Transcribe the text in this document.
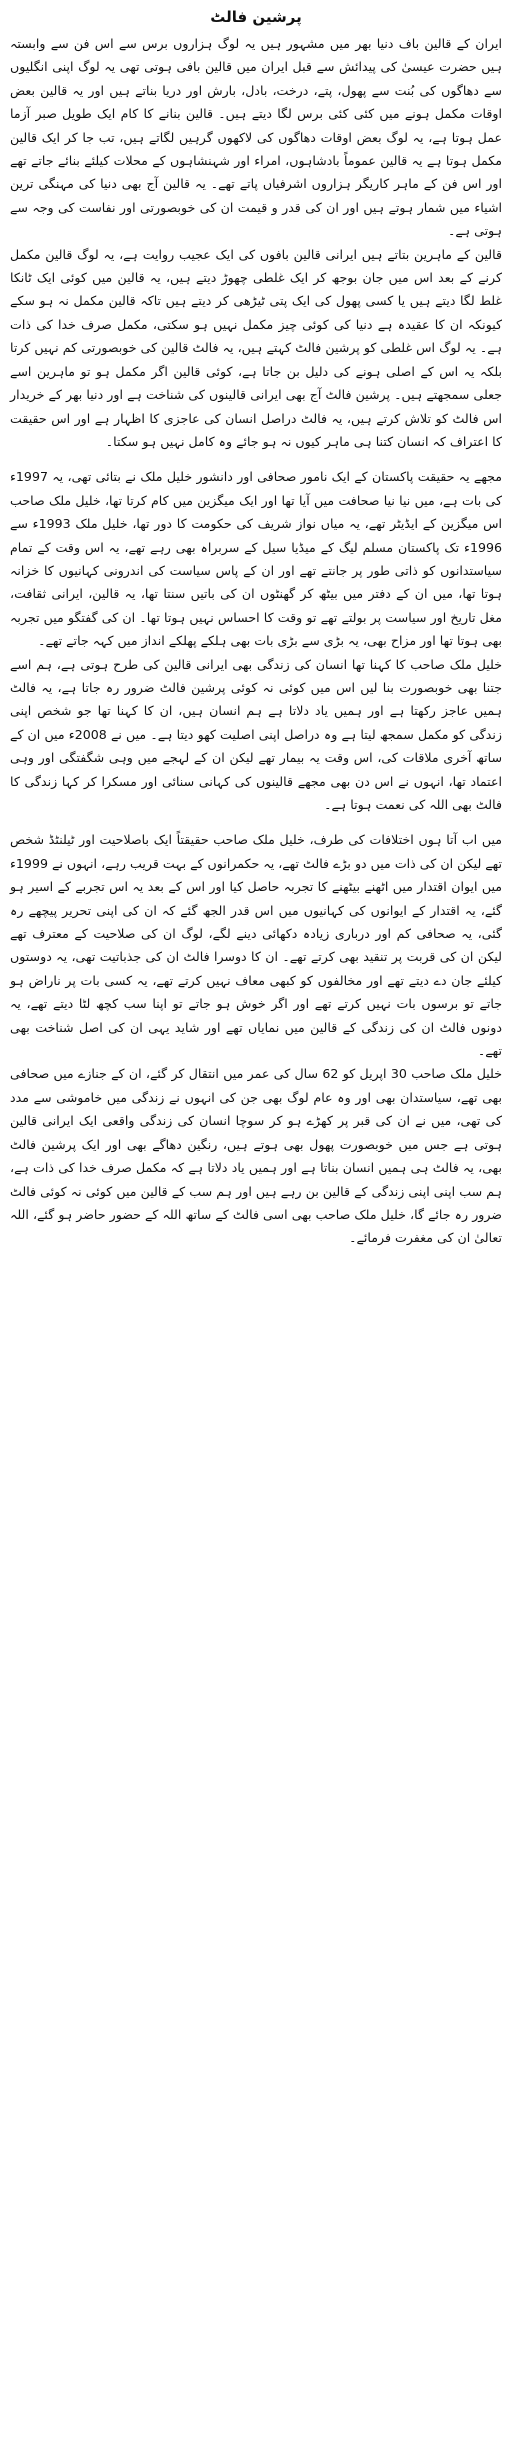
پرشین فالٹ

ایران کے قالین باف دنیا بھر میں مشہور ہیں یہ لوگ ہزاروں برس سے اس فن سے وابستہ ہیں حضرت عیسیٰ کی پیدائش سے قبل ایران میں قالین بافی ہوتی تھی یہ لوگ اپنی انگلیوں سے دھاگوں کی بُنت سے پھول، پتے، درخت، بادل، بارش اور دریا بناتے ہیں اور یہ قالین بعض اوقات مکمل ہونے میں کئی کئی برس لگا دیتے ہیں۔ قالین بنانے کا کام ایک طویل صبر آزما عمل ہوتا ہے، یہ لوگ بعض اوقات دھاگوں کی لاکھوں گرہیں لگاتے ہیں، تب جا کر ایک قالین مکمل ہوتا ہے یہ قالین عموماً بادشاہوں، امراء اور شہنشاہوں کے محلات کیلئے بنائے جاتے تھے اور اس فن کے ماہر کاریگر ہزاروں اشرفیاں پاتے تھے۔ یہ قالین آج بھی دنیا کی مہنگی ترین اشیاء میں شمار ہوتے ہیں اور ان کی قدر و قیمت ان کی خوبصورتی اور نفاست کی وجہ سے ہوتی ہے۔

قالین کے ماہرین بتاتے ہیں ایرانی قالین بافوں کی ایک عجیب روایت ہے، یہ لوگ قالین مکمل کرنے کے بعد اس میں جان بوجھ کر ایک غلطی چھوڑ دیتے ہیں، یہ قالین میں کوئی ایک ٹانکا غلط لگا دیتے ہیں یا کسی پھول کی ایک پتی ٹیڑھی کر دیتے ہیں تاکہ قالین مکمل نہ ہو سکے کیونکہ ان کا عقیدہ ہے دنیا کی کوئی چیز مکمل نہیں ہو سکتی، مکمل صرف خدا کی ذات ہے۔ یہ لوگ اس غلطی کو پرشین فالٹ کہتے ہیں، یہ فالٹ قالین کی خوبصورتی کم نہیں کرتا بلکہ یہ اس کے اصلی ہونے کی دلیل بن جاتا ہے، کوئی قالین اگر مکمل ہو تو ماہرین اسے جعلی سمجھتے ہیں۔ پرشین فالٹ آج بھی ایرانی قالینوں کی شناخت ہے اور دنیا بھر کے خریدار اس فالٹ کو تلاش کرتے ہیں، یہ فالٹ دراصل انسان کی عاجزی کا اظہار ہے اور اس حقیقت کا اعتراف کہ انسان کتنا ہی ماہر کیوں نہ ہو جائے وہ کامل نہیں ہو سکتا۔

مجھے یہ حقیقت پاکستان کے ایک نامور صحافی اور دانشور خلیل ملک نے بتائی تھی، یہ 1997ء کی بات ہے، میں نیا نیا صحافت میں آیا تھا اور ایک میگزین میں کام کرتا تھا، خلیل ملک صاحب اس میگزین کے ایڈیٹر تھے، یہ میاں نواز شریف کی حکومت کا دور تھا، خلیل ملک 1993ء سے 1996ء تک پاکستان مسلم لیگ کے میڈیا سیل کے سربراہ بھی رہے تھے، یہ اس وقت کے تمام سیاستدانوں کو ذاتی طور پر جانتے تھے اور ان کے پاس سیاست کی اندرونی کہانیوں کا خزانہ ہوتا تھا، میں ان کے دفتر میں بیٹھ کر گھنٹوں ان کی باتیں سنتا تھا، یہ قالین، ایرانی ثقافت، مغل تاریخ اور سیاست پر بولتے تھے تو وقت کا احساس نہیں ہوتا تھا۔ ان کی گفتگو میں تجربہ بھی ہوتا تھا اور مزاح بھی، یہ بڑی سے بڑی بات بھی ہلکے پھلکے انداز میں کہہ جاتے تھے۔

خلیل ملک صاحب کا کہنا تھا انسان کی زندگی بھی ایرانی قالین کی طرح ہوتی ہے، ہم اسے جتنا بھی خوبصورت بنا لیں اس میں کوئی نہ کوئی پرشین فالٹ ضرور رہ جاتا ہے، یہ فالٹ ہمیں عاجز رکھتا ہے اور ہمیں یاد دلاتا ہے ہم انسان ہیں، ان کا کہنا تھا جو شخص اپنی زندگی کو مکمل سمجھ لیتا ہے وہ دراصل اپنی اصلیت کھو دیتا ہے۔ میں نے 2008ء میں ان کے ساتھ آخری ملاقات کی، اس وقت یہ بیمار تھے لیکن ان کے لہجے میں وہی شگفتگی اور وہی اعتماد تھا، انہوں نے اس دن بھی مجھے قالینوں کی کہانی سنائی اور مسکرا کر کہا زندگی کا فالٹ بھی اللہ کی نعمت ہوتا ہے۔

میں اب آتا ہوں اختلافات کی طرف، خلیل ملک صاحب حقیقتاً ایک باصلاحیت اور ٹیلنٹڈ شخص تھے لیکن ان کی ذات میں دو بڑے فالٹ تھے، یہ حکمرانوں کے بہت قریب رہے، انہوں نے 1999ء میں ایوان اقتدار میں اٹھنے بیٹھنے کا تجربہ حاصل کیا اور اس کے بعد یہ اس تجربے کے اسیر ہو گئے، یہ اقتدار کے ایوانوں کی کہانیوں میں اس قدر الجھ گئے کہ ان کی اپنی تحریر پیچھے رہ گئی، یہ صحافی کم اور درباری زیادہ دکھائی دینے لگے، لوگ ان کی صلاحیت کے معترف تھے لیکن ان کی قربت پر تنقید بھی کرتے تھے۔ ان کا دوسرا فالٹ ان کی جذباتیت تھی، یہ دوستوں کیلئے جان دے دیتے تھے اور مخالفوں کو کبھی معاف نہیں کرتے تھے، یہ کسی بات پر ناراض ہو جاتے تو برسوں بات نہیں کرتے تھے اور اگر خوش ہو جاتے تو اپنا سب کچھ لٹا دیتے تھے، یہ دونوں فالٹ ان کی زندگی کے قالین میں نمایاں تھے اور شاید یہی ان کی اصل شناخت بھی تھے۔

خلیل ملک صاحب 30 اپریل کو 62 سال کی عمر میں انتقال کر گئے، ان کے جنازے میں صحافی بھی تھے، سیاستدان بھی اور وہ عام لوگ بھی جن کی انہوں نے زندگی میں خاموشی سے مدد کی تھی، میں نے ان کی قبر پر کھڑے ہو کر سوچا انسان کی زندگی واقعی ایک ایرانی قالین ہوتی ہے جس میں خوبصورت پھول بھی ہوتے ہیں، رنگین دھاگے بھی اور ایک پرشین فالٹ بھی، یہ فالٹ ہی ہمیں انسان بناتا ہے اور ہمیں یاد دلاتا ہے کہ مکمل صرف خدا کی ذات ہے، ہم سب اپنی اپنی زندگی کے قالین بن رہے ہیں اور ہم سب کے قالین میں کوئی نہ کوئی فالٹ ضرور رہ جائے گا، خلیل ملک صاحب بھی اسی فالٹ کے ساتھ اللہ کے حضور حاضر ہو گئے، اللہ تعالیٰ ان کی مغفرت فرمائے۔
